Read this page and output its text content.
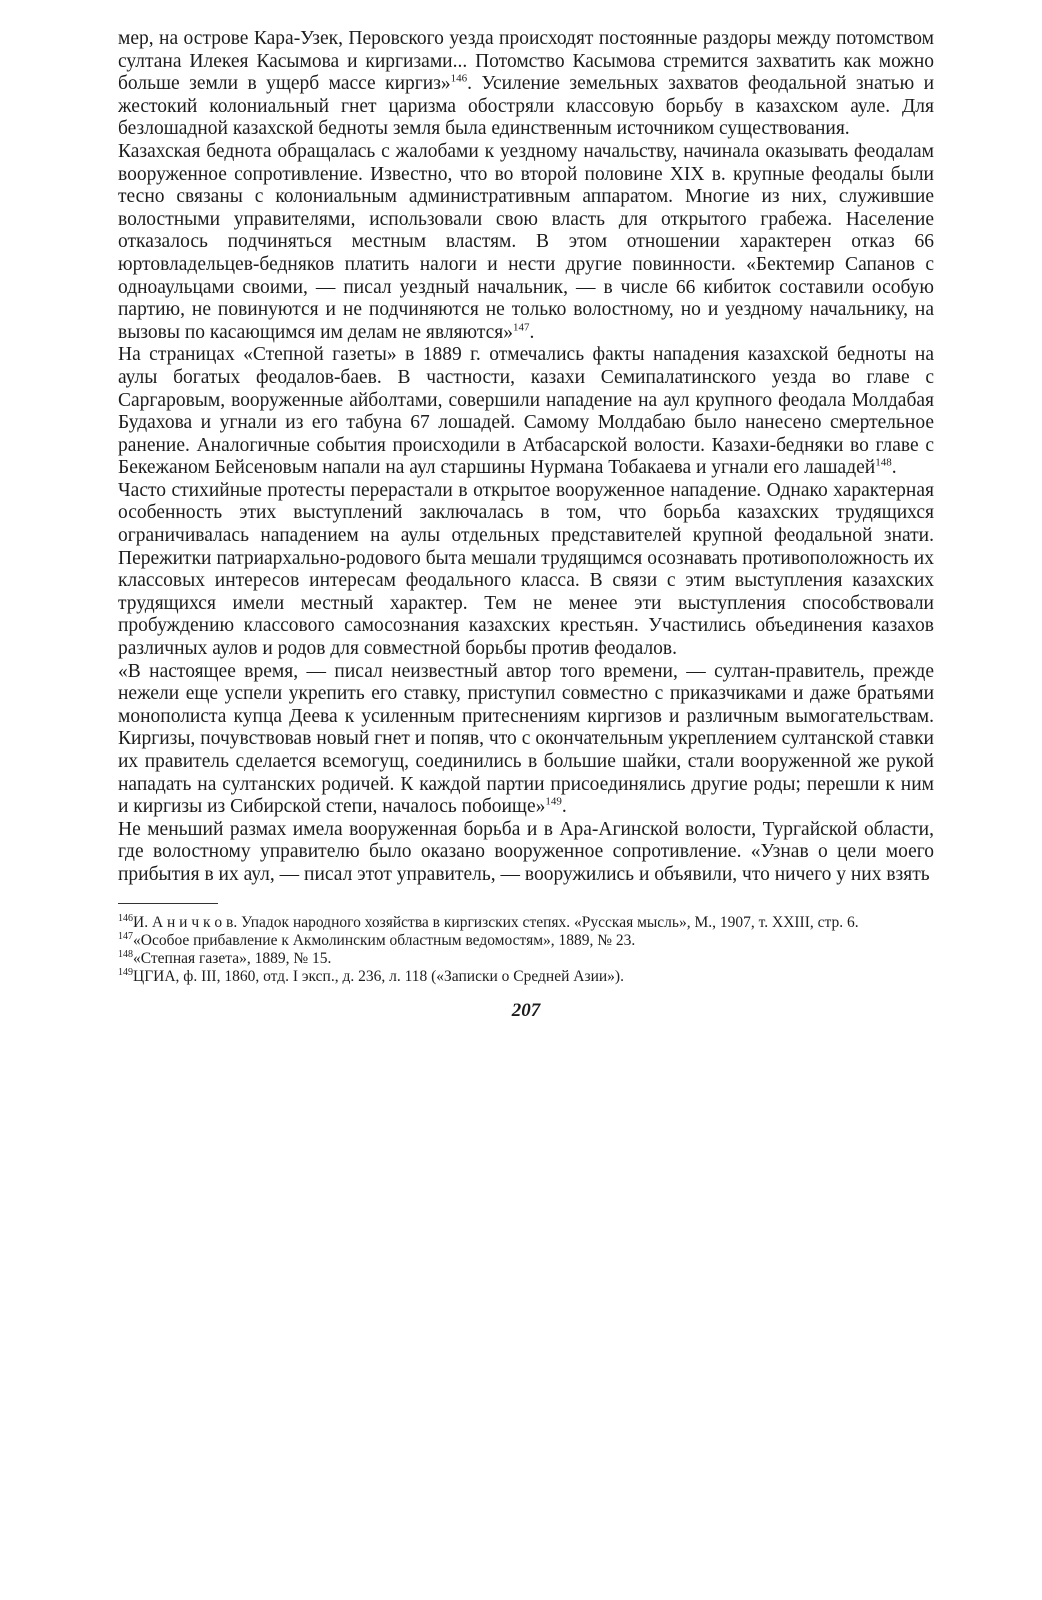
мер, на острове Кара-Узек, Перовского уезда происходят постоянные раздоры между потомством султана Илекея Касымова и киргизами... Потомство Касымова стремится захватить как можно больше земли в ущерб массе киргиз»$^{146}$. Усиление земельных захватов феодальной знатью и жестокий колониальный гнет царизма обостряли классовую борьбу в казахском ауле. Для безлошадной казахской бедноты земля была единственным источником существования.

Казахская беднота обращалась с жалобами к уездному начальству, начинала оказывать феодалам вооруженное сопротивление. Известно, что во второй половине XIX в. крупные феодалы были тесно связаны с колониальным административным аппаратом. Многие из них, служившие волостными управителями, использовали свою власть для открытого грабежа. Население отказалось подчиняться местным властям. В этом отношении характерен отказ 66 юртовладельцев-бедняков платить налоги и нести другие повинности. «Бектемир Сапанов с одноаульцами своими, — писал уездный начальник, — в числе 66 кибиток составили особую партию, не повинуются и не подчиняются не только волостному, но и уездному начальнику, на вызовы по касающимся им делам не являются»$^{147}$.

На страницах «Степной газеты» в 1889 г. отмечались факты нападения казахской бедноты на аулы богатых феодалов-баев. В частности, казахи Семипалатинского уезда во главе с Саргаровым, вооруженные айболтами, совершили нападение на аул крупного феодала Молдабая Будахова и угнали из его табуна 67 лошадей. Самому Молдабаю было нанесено смертельное ранение. Аналогичные события происходили в Атбасарской волости. Казахи-бедняки во главе с Бекежаном Бейсеновым напали на аул старшины Нурмана Тобакаева и угнали его лашадей$^{148}$.

Часто стихийные протесты перерастали в открытое вооруженное нападение. Однако характерная особенность этих выступлений заключалась в том, что борьба казахских трудящихся ограничивалась нападением на аулы отдельных представителей крупной феодальной знати. Пережитки патриархально-родового быта мешали трудящимся осознавать противоположность их классовых интересов интересам феодального класса. В связи с этим выступления казахских трудящихся имели местный характер. Тем не менее эти выступления способствовали пробуждению классового самосознания казахских крестьян. Участились объединения казахов различных аулов и родов для совместной борьбы против феодалов.

«В настоящее время, — писал неизвестный автор того времени, — султан-правитель, прежде нежели еще успели укрепить его ставку, приступил совместно с приказчиками и даже братьями монополиста купца Деева к усиленным притеснениям киргизов и различным вымогательствам. Киргизы, почувствовав новый гнет и попяв, что с окончательным укреплением султанской ставки их правитель сделается всемогущ, соединились в большие шайки, стали вооруженной же рукой нападать на султанских родичей. К каждой партии присоединялись другие роды; перешли к ним и киргизы из Сибирской степи, началось побоище»$^{149}$.

Не меньший размах имела вооруженная борьба и в Ара-Агинской волости, Тургайской области, где волостному управителю было оказано вооруженное сопротивление. «Узнав о цели моего прибытия в их аул, — писал этот управитель, — вооружились и объявили, что ничего у них взять

$^{146}$И. А н и ч к о в. Упадок народного хозяйства в киргизских степях. «Русская мысль», М., 1907, т. XXIII, стр. 6.

$^{147}$«Особое прибавление к Акмолинским областным ведомостям», 1889, № 23.

$^{148}$«Степная газета», 1889, № 15.

$^{149}$ЦГИА, ф. III, 1860, отд. I эксп., д. 236, л. 118 («Записки о Средней Азии»).

207
